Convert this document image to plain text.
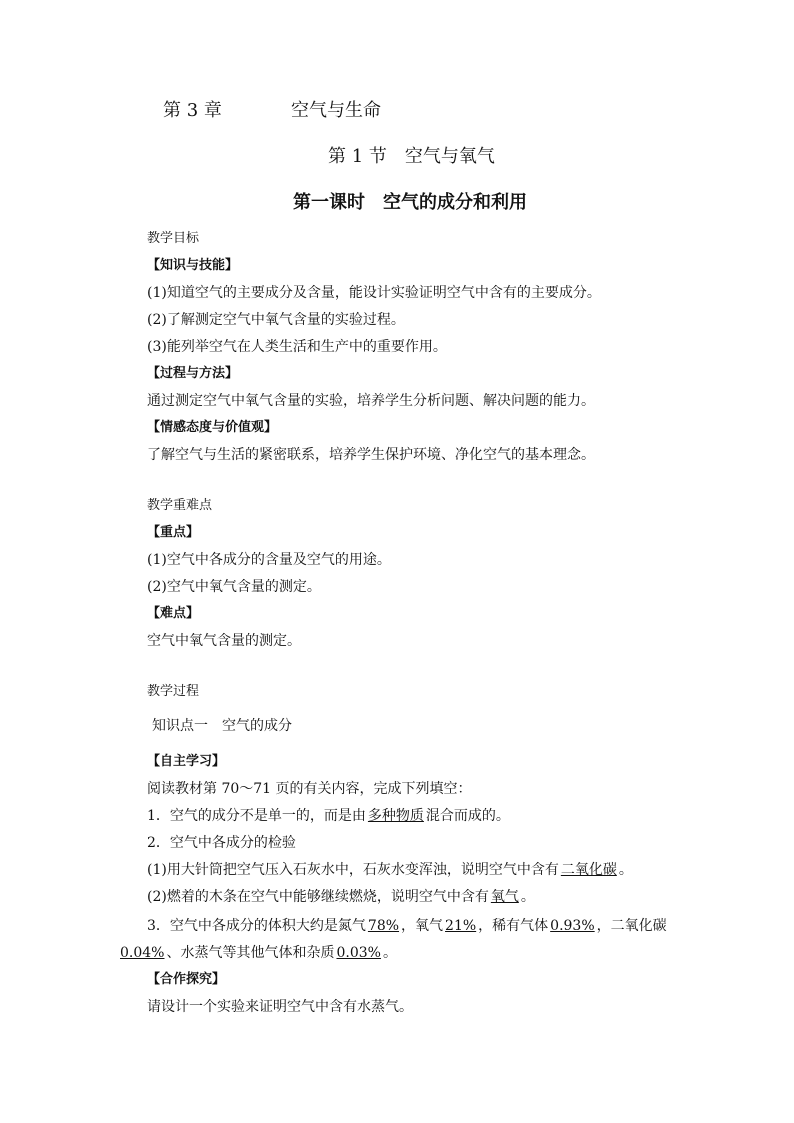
第 3 章	空气与生命
第 1 节　空气与氧气
第一课时　空气的成分和利用
教学目标
【知识与技能】
(1)知道空气的主要成分及含量，能设计实验证明空气中含有的主要成分。
(2)了解测定空气中氧气含量的实验过程。
(3)能列举空气在人类生活和生产中的重要作用。
【过程与方法】
通过测定空气中氧气含量的实验，培养学生分析问题、解决问题的能力。
【情感态度与价值观】
了解空气与生活的紧密联系，培养学生保护环境、净化空气的基本理念。
教学重难点
【重点】
(1)空气中各成分的含量及空气的用途。
(2)空气中氧气含量的测定。
【难点】
空气中氧气含量的测定。
教学过程
知识点一　空气的成分
【自主学习】
阅读教材第 70～71 页的有关内容，完成下列填空：
1．空气的成分不是单一的，而是由 多种物质 混合而成的。
2．空气中各成分的检验
(1)用大针筒把空气压入石灰水中，石灰水变浑浊，说明空气中含有 二氧化碳 。
(2)燃着的木条在空气中能够继续燃烧，说明空气中含有 氧气 。
3．空气中各成分的体积大约是氮气 78% ，氧气 21% ，稀有气体 0.93% ，二氧化碳
0.04% 、水蒸气等其他气体和杂质 0.03% 。
【合作探究】
请设计一个实验来证明空气中含有水蒸气。
